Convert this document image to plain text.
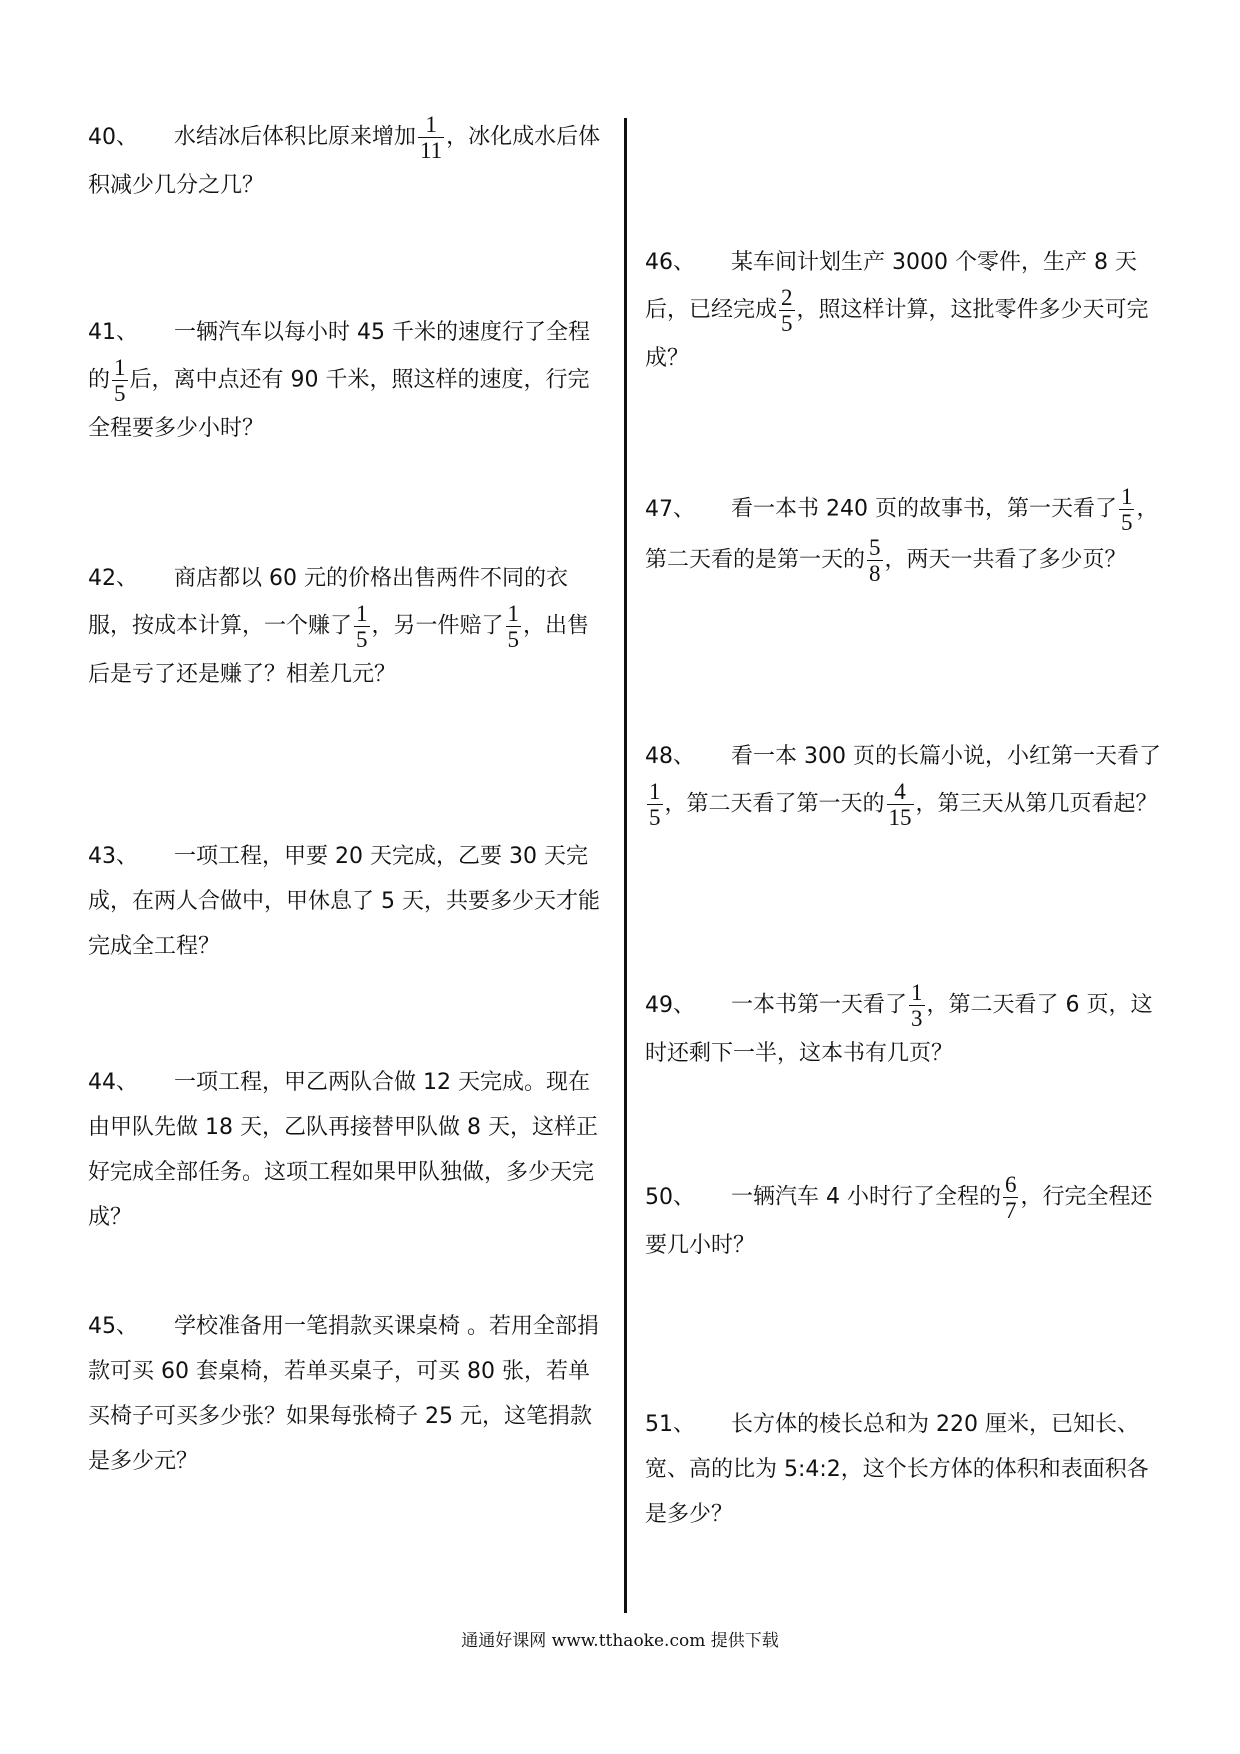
40、 水结冰后体积比原来增加 $\frac{1}{11}$ ，冰化成水后体积减少几分之几？
41、 一辆汽车以每小时 45 千米的速度行了全程的 $\frac{1}{5}$ 后，离中点还有 90 千米，照这样的速度，行完全程要多少小时？
42、 商店都以 60 元的价格出售两件不同的衣服，按成本计算，一个赚了 $\frac{1}{5}$ ，另一件赔了 $\frac{1}{5}$ ，出售后是亏了还是赚了？相差几元？
43、 一项工程，甲要 20 天完成，乙要 30 天完成，在两人合做中，甲休息了 5 天，共要多少天才能完成全工程？
44、 一项工程，甲乙两队合做 12 天完成。现在由甲队先做 18 天，乙队再接替甲队做 8 天，这样正好完成全部任务。这项工程如果甲队独做，多少天完成？
45、 学校准备用一笔捐款买课桌椅 。若用全部捐款可买 60 套桌椅，若单买桌子，可买 80 张，若单买椅子可买多少张？如果每张椅子 25 元，这笔捐款是多少元？
46、 某车间计划生产 3000 个零件，生产 8 天后，已经完成 $\frac{2}{5}$ ，照这样计算，这批零件多少天可完成？
47、 看一本书 240 页的故事书，第一天看了 $\frac{1}{5}$ ，第二天看的是第一天的 $\frac{5}{8}$ ，两天一共看了多少页？
48、 看一本 300 页的长篇小说，小红第一天看了
$\frac{1}{5}$ ，第二天看了第一天的 $\frac{4}{15}$ ，第三天从第几页看起？
49、 一本书第一天看了 $\frac{1}{3}$ ，第二天看了 6 页，这时还剩下一半，这本书有几页？
50、 一辆汽车 4 小时行了全程的 $\frac{6}{7}$ ，行完全程还要几小时？
51、 长方体的棱长总和为 220 厘米，已知长、宽、高的比为 5:4:2，这个长方体的体积和表面积各是多少？
通通好课网 www.tthaoke.com 提供下载
